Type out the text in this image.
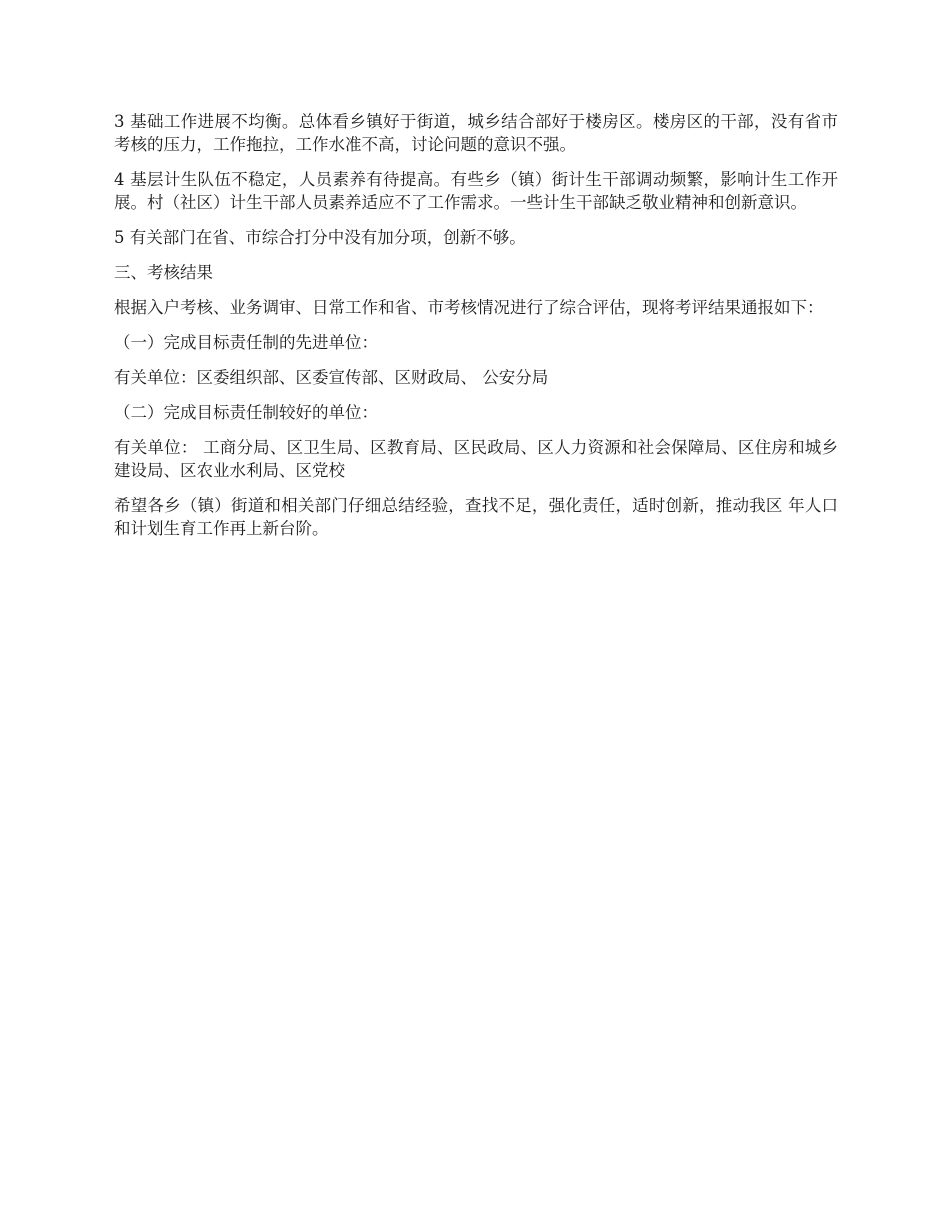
3 基础工作进展不均衡。总体看乡镇好于街道，城乡结合部好于楼房区。楼房区的干部，没有省市考核的压力，工作拖拉，工作水准不高，讨论问题的意识不强。

4 基层计生队伍不稳定，人员素养有待提高。有些乡（镇）街计生干部调动频繁，影响计生工作开展。村（社区）计生干部人员素养适应不了工作需求。一些计生干部缺乏敬业精神和创新意识。

5 有关部门在省、市综合打分中没有加分项，创新不够。

三、考核结果

根据入户考核、业务调审、日常工作和省、市考核情况进行了综合评估，现将考评结果通报如下：

（一）完成目标责任制的先进单位：

有关单位：区委组织部、区委宣传部、区财政局、 公安分局

（二）完成目标责任制较好的单位：

有关单位： 工商分局、区卫生局、区教育局、区民政局、区人力资源和社会保障局、区住房和城乡建设局、区农业水利局、区党校

希望各乡（镇）街道和相关部门仔细总结经验，查找不足，强化责任，适时创新，推动我区 年人口和计划生育工作再上新台阶。
